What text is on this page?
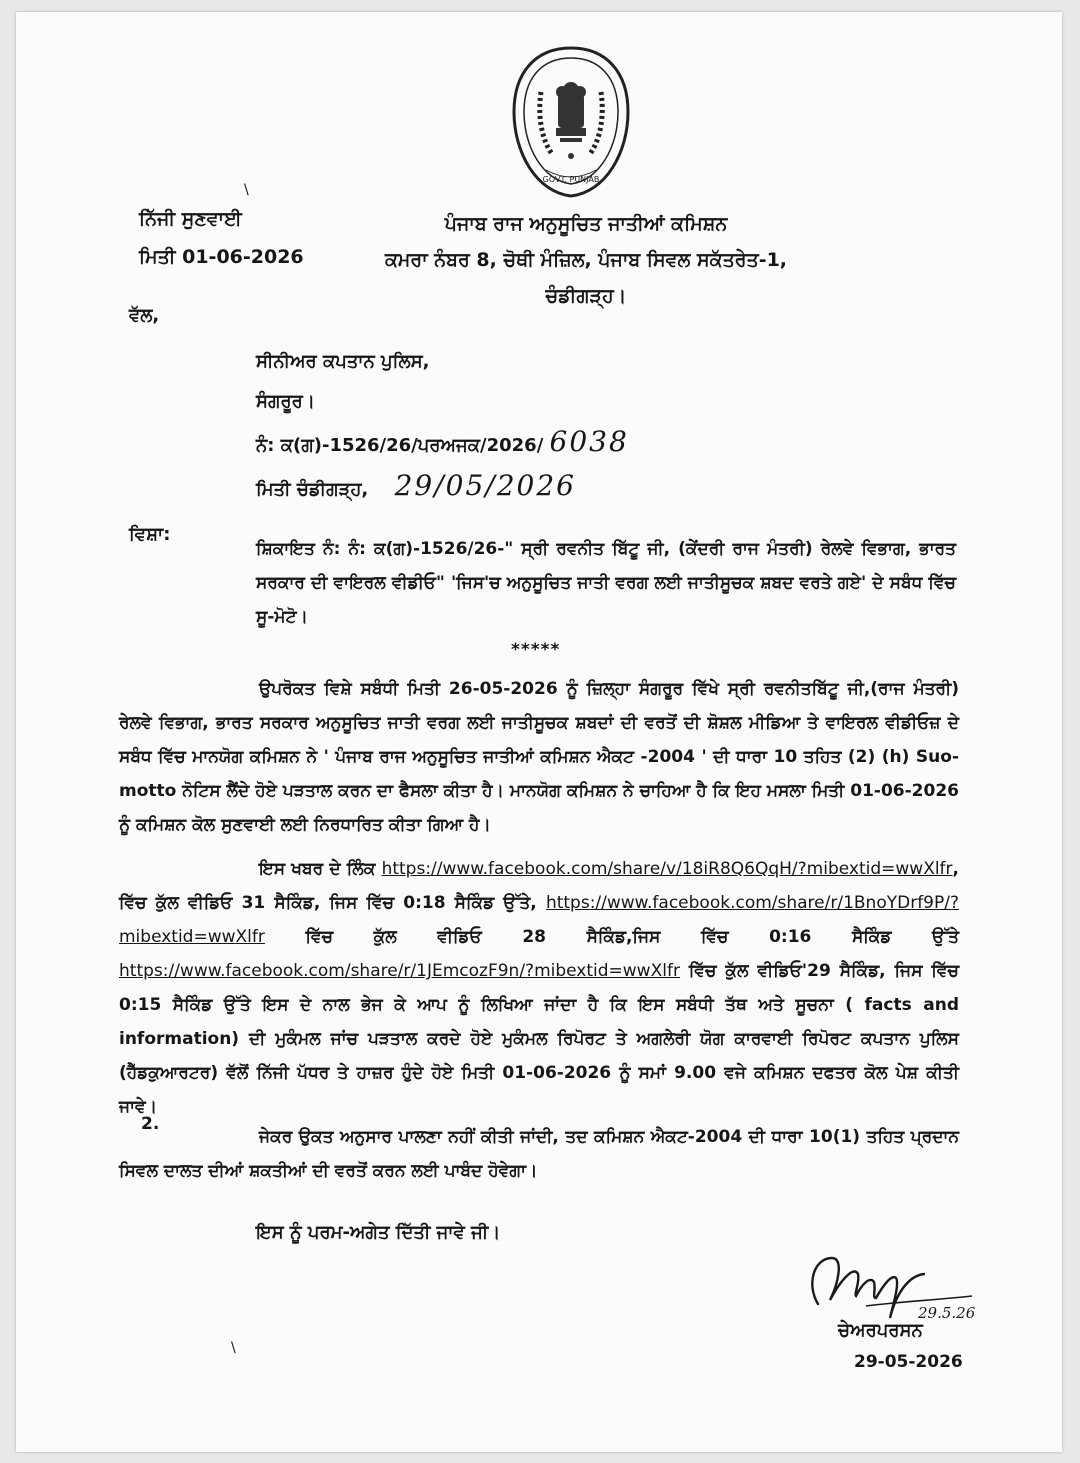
GOVT. PUNJAB
\
ਨਿੱਜੀ ਸੁਣਵਾਈ
ਮਿਤੀ 01-06-2026
ਪੰਜਾਬ ਰਾਜ ਅਨੁਸੂਚਿਤ ਜਾਤੀਆਂ ਕਮਿਸ਼ਨ
ਕਮਰਾ ਨੰਬਰ 8, ਚੋਥੀ ਮੰਜ਼ਿਲ, ਪੰਜਾਬ ਸਿਵਲ ਸਕੱਤਰੇਤ-1,
ਚੰਡੀਗੜ੍ਹ।
ਵੱਲ,
ਸੀਨੀਅਰ ਕਪਤਾਨ ਪੁਲਿਸ,
ਸੰਗਰੂਰ।
ਨੰ: ਕ(ਗ)-1526/26/ਪਰਅਜਕ/2026/ 6038
ਮਿਤੀ ਚੰਡੀਗੜ੍ਹ, 29/05/2026
ਵਿਸ਼ਾ:
ਸ਼ਿਕਾਇਤ ਨੰ: ਨੰ: ਕ(ਗ)-1526/26-" ਸ੍ਰੀ ਰਵਨੀਤ ਬਿੱਟੂ ਜੀ, (ਕੇਂਦਰੀ ਰਾਜ ਮੰਤਰੀ) ਰੇਲਵੇ ਵਿਭਾਗ, ਭਾਰਤ ਸਰਕਾਰ ਦੀ ਵਾਇਰਲ ਵੀਡੀਓ" 'ਜਿਸ'ਚ ਅਨੁਸੂਚਿਤ ਜਾਤੀ ਵਰਗ ਲਈ ਜਾਤੀਸੂਚਕ ਸ਼ਬਦ ਵਰਤੇ ਗਏ' ਦੇ ਸਬੰਧ ਵਿੱਚ ਸੂ-ਮੋਟੋ।
*****
ਉਪਰੋਕਤ ਵਿਸ਼ੇ ਸਬੰਧੀ ਮਿਤੀ 26-05-2026 ਨੂੰ ਜ਼ਿਲ੍ਹਾ ਸੰਗਰੂਰ ਵਿੱਖੇ ਸ੍ਰੀ ਰਵਨੀਤਬਿੱਟੂ ਜੀ,(ਰਾਜ ਮੰਤਰੀ) ਰੇਲਵੇ ਵਿਭਾਗ, ਭਾਰਤ ਸਰਕਾਰ ਅਨੁਸੂਚਿਤ ਜਾਤੀ ਵਰਗ ਲਈ ਜਾਤੀਸੂਚਕ ਸ਼ਬਦਾਂ ਦੀ ਵਰਤੋਂ ਦੀ ਸ਼ੋਸ਼ਲ ਮੀਡਿਆ ਤੇ ਵਾਇਰਲ ਵੀਡੀਓਜ਼ ਦੇ ਸਬੰਧ ਵਿੱਚ ਮਾਨਯੋਗ ਕਮਿਸ਼ਨ ਨੇ ' ਪੰਜਾਬ ਰਾਜ ਅਨੁਸੂਚਿਤ ਜਾਤੀਆਂ ਕਮਿਸ਼ਨ ਐਕਟ -2004 ' ਦੀ ਧਾਰਾ 10 ਤਹਿਤ (2) (h) Suo-motto ਨੋਟਿਸ ਲੈਂਦੇ ਹੋਏ ਪੜਤਾਲ ਕਰਨ ਦਾ ਫੈਸਲਾ ਕੀਤਾ ਹੈ। ਮਾਨਯੋਗ ਕਮਿਸ਼ਨ ਨੇ ਚਾਹਿਆ ਹੈ ਕਿ ਇਹ ਮਸਲਾ ਮਿਤੀ 01-06-2026 ਨੂੰ ਕਮਿਸ਼ਨ ਕੋਲ ਸੁਣਵਾਈ ਲਈ ਨਿਰਧਾਰਿਤ ਕੀਤਾ ਗਿਆ ਹੈ।
ਇਸ ਖਬਰ ਦੇ ਲਿੰਕ https://www.facebook.com/share/v/18iR8Q6QqH/?mibextid=wwXlfr, ਵਿੱਚ ਕੁੱਲ ਵੀਡਿਓ 31 ਸੈਕਿੰਡ, ਜਿਸ ਵਿੱਚ 0:18 ਸੈਕਿੰਡ ਉੱਤੇ, https://www.facebook.com/share/r/1BnoYDrf9P/?mibextid=wwXlfr ਵਿੱਚ ਕੁੱਲ ਵੀਡਿਓ 28 ਸੈਕਿੰਡ,ਜਿਸ ਵਿੱਚ 0:16 ਸੈਕਿੰਡ ਉੱਤੇ https://www.facebook.com/share/r/1JEmcozF9n/?mibextid=wwXlfr ਵਿੱਚ ਕੁੱਲ ਵੀਡਿਓ'29 ਸੈਕਿੰਡ, ਜਿਸ ਵਿੱਚ 0:15 ਸੈਕਿੰਡ ਉੱਤੇ ਇਸ ਦੇ ਨਾਲ ਭੇਜ ਕੇ ਆਪ ਨੂੰ ਲਿਖਿਆ ਜਾਂਦਾ ਹੈ ਕਿ ਇਸ ਸਬੰਧੀ ਤੱਥ ਅਤੇ ਸੂਚਨਾ ( facts and information) ਦੀ ਮੁਕੰਮਲ ਜਾਂਚ ਪੜਤਾਲ ਕਰਦੇ ਹੋਏ ਮੁਕੰਮਲ ਰਿਪੋਰਟ ਤੇ ਅਗਲੇਰੀ ਯੋਗ ਕਾਰਵਾਈ ਰਿਪੋਰਟ ਕਪਤਾਨ ਪੁਲਿਸ (ਹੈੱਡਕੁਆਰਟਰ) ਵੱਲੋਂ ਨਿੱਜੀ ਪੱਧਰ ਤੇ ਹਾਜ਼ਰ ਹੁੰਦੇ ਹੋਏ ਮਿਤੀ 01-06-2026 ਨੂੰ ਸਮਾਂ 9.00 ਵਜੇ ਕਮਿਸ਼ਨ ਦਫਤਰ ਕੋਲ ਪੇਸ਼ ਕੀਤੀ ਜਾਵੇ।
2.
ਜੇਕਰ ਉਕਤ ਅਨੁਸਾਰ ਪਾਲਣਾ ਨਹੀਂ ਕੀਤੀ ਜਾਂਦੀ, ਤਦ ਕਮਿਸ਼ਨ ਐਕਟ-2004 ਦੀ ਧਾਰਾ 10(1) ਤਹਿਤ ਪ੍ਰਦਾਨ ਸਿਵਲ ਦਾਲਤ ਦੀਆਂ ਸ਼ਕਤੀਆਂ ਦੀ ਵਰਤੋਂ ਕਰਨ ਲਈ ਪਾਬੰਦ ਹੋਵੇਗਾ।
ਇਸ ਨੂੰ ਪਰਮ-ਅਗੇਤ ਦਿੱਤੀ ਜਾਵੇ ਜੀ।
29.5.26
ਚੇਅਰਪਰਸਨ
29-05-2026
\
